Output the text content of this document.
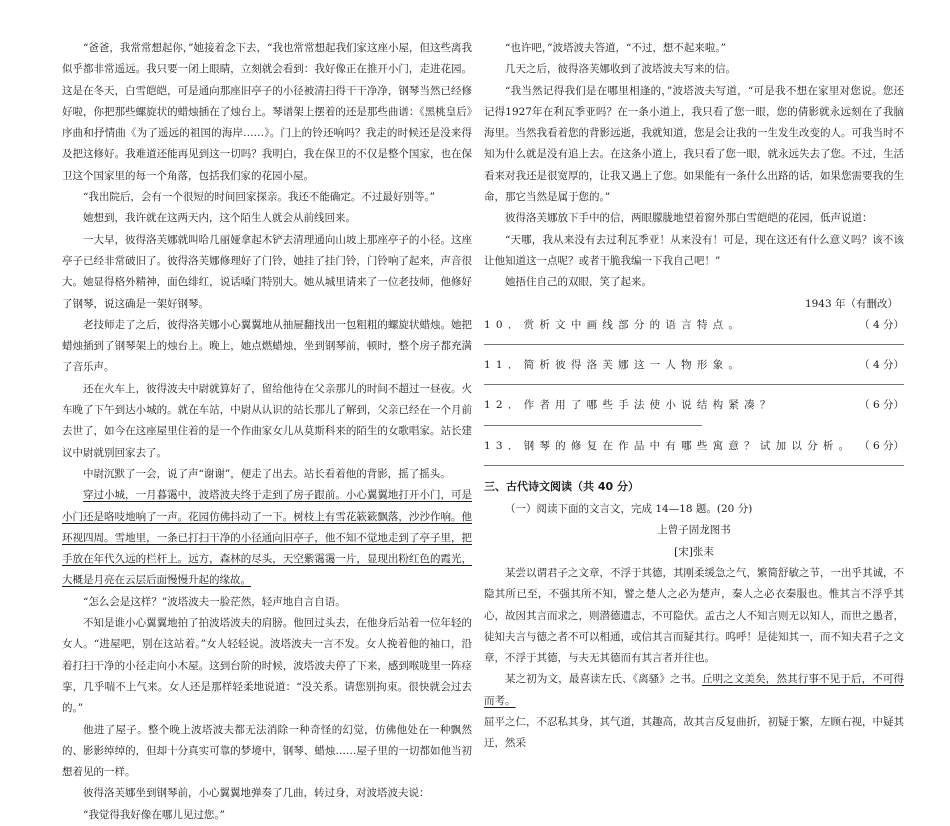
“爸爸，我常常想起你，”她接着念下去，“我也常常想起我们家这座小屋，但这些离我似乎都非常遥远。我只要一闭上眼睛，立刻就会看到：我好像正在推开小门，走进花园。这是在冬天，白雪皑皑，可是通向那座旧亭子的小径被清扫得干干净净，钢琴当然已经修好啦，你把那些螺旋状的蜡烛插在了烛台上。琴谱架上摆着的还是那些曲谱：《黑桃皇后》序曲和抒情曲《为了遥远的祖国的海岸……》。门上的铃还响吗？我走的时候还是没来得及把这修好。我难道还能再见到这一切吗？我明白，我在保卫的不仅是整个国家，也在保卫这个国家里的每一个角落，包括我们家的花园小屋。

“我出院后，会有一个很短的时间回家探亲。我还不能确定。不过最好别等。”

她想到，我许就在这两天内，这个陌生人就会从前线回来。

一大早，彼得洛芙娜就叫哈几丽娅拿起木铲去清理通向山坡上那座亭子的小径。这座亭子已经非常破旧了。彼得洛芙娜修理好了门铃，她挂了挂门铃，门铃响了起来，声音很大。她显得格外精神，面色绯红，说话嗓门特别大。她从城里请来了一位老技师，他修好了钢琴，说这确是一架好钢琴。

老技师走了之后，彼得洛芙娜小心翼翼地从抽屉翻找出一包粗粗的螺旋状蜡烛。她把蜡烛插到了钢琴架上的烛台上。晚上，她点燃蜡烛，坐到钢琴前，顿时，整个房子都充满了音乐声。

还在火车上，彼得波夫中尉就算好了，留给他待在父亲那儿的时间不超过一昼夜。火车晚了下午到达小城的。就在车站，中尉从认识的站长那儿了解到，父亲已经在一个月前去世了，如今在这座屋里住着的是一个作曲家女儿从莫斯科来的陌生的女歌唱家。站长建议中尉就别回家去了。

中尉沉默了一会，说了声“谢谢”，便走了出去。站长看着他的背影，摇了摇头。

穿过小城，一月暮霭中，波塔波夫终于走到了房子跟前。小心翼翼地打开小门，可是小门还是咯吱地响了一声。花园仿佛抖动了一下。树枝上有雪花簌簌飘落，沙沙作响。他环视四周。雪地里，一条已打扫干净的小径通向旧亭子，他不知不觉地走到了亭子里，把手放在年代久远的栏杆上。远方，森林的尽头，天空紫霭霭一片，显现出粉红色的霞光，大概是月亮在云层后面慢慢升起的缘故。

“怎么会是这样？”波塔波夫一脸茫然，轻声地自言自语。

不知是谁小心翼翼地拍了拍波塔波夫的肩膀。他回过头去，在他身后站着一位年轻的女人。“进屋吧，别在这站着。”女人轻轻说。波塔波夫一言不发。女人挽着他的袖口，沿着打扫干净的小径走向小木屋。这到台阶的时候，波塔波夫停了下来，感到喉咙里一阵痉挛，几乎喘不上气来。女人还是那样轻柔地说道：“没关系。请您别拘束。很快就会过去的。”

他进了屋子。整个晚上波塔波夫都无法消除一种奇怪的幻觉，仿佛他处在一种飘然的、影影绰绰的，但却十分真实可靠的梦境中，钢琴、蜡烛……屋子里的一切都如他当初想着见的一样。

彼得洛芙娜坐到钢琴前，小心翼翼地弹奏了几曲，转过身，对波塔波夫说：

“我觉得我好像在哪儿见过您。”

“也许吧，”波塔波夫答道，“不过，想不起来啦。”

几天之后，彼得洛芙娜收到了波塔波夫写来的信。

“我当然记得我们是在哪里相逢的，”波塔波夫写道，“可是我不想在家里对您说。您还记得1927年在利瓦季亚吗？在一条小道上，我只看了您一眼，您的倩影就永远刻在了我脑海里。当然我看着您的背影远逝，我就知道，您是会让我的一生发生改变的人。可我当时不知为什么就是没有追上去。在这条小道上，我只看了您一眼，就永远失去了您。不过，生活看来对我还是很宽厚的，让我又遇上了您。如果能有一条什么出路的话，如果您需要我的生命，那它当然是属于您的。”

彼得洛芙娜放下手中的信，两眼朦胧地望着窗外那白雪皑皑的花园，低声说道：

“天哪，我从来没有去过利瓦季亚！从来没有！可是，现在这还有什么意义吗？该不该让他知道这一点呢？或者干脆我编一下我自己吧！”

她捂住自己的双眼，笑了起来。

1943 年（有删改）

10．赏析文中画线部分的语言特点。	（ 4 分）

11．简析彼得洛芙娜这一人物形象。	（ 4 分）

12．作者用了哪些手法使小说结构紧凑？	（ 6 分）

13．钢琴的修复在作品中有哪些寓意？试加以分析。 （ 6 分）

三、古代诗文阅读（共 40 分）

（一）阅读下面的文言文，完成 14—18 题。(20 分)

上曾子固龙图书

[宋]张耒

某尝以谓君子之文章，不浮于其德，其刚柔缓急之气，繁简舒敏之节，一出乎其诚，不隐其所已至，不强其所不知，譬之楚人之必为楚声，秦人之必衣秦服也。惟其言不浮乎其心，故因其言而求之，则潜德遗志，不可隐伏。孟古之人不知言则无以知人，而世之愚者，徒知夫言与德之者不可以相通，或信其言而疑其行。呜呼！是徒知其一，而不知夫君子之文章，不浮于其德，与夫无其德而有其言者并往也。

某之初为文，最喜读左氏、《离骚》之书。丘明之文美矣，然其行事不见于后，不可得而考。

屈平之仁，不忍私其身，其气道，其趣高，故其言反复曲折，初疑于繁，左顾右视，中疑其迂，然采
